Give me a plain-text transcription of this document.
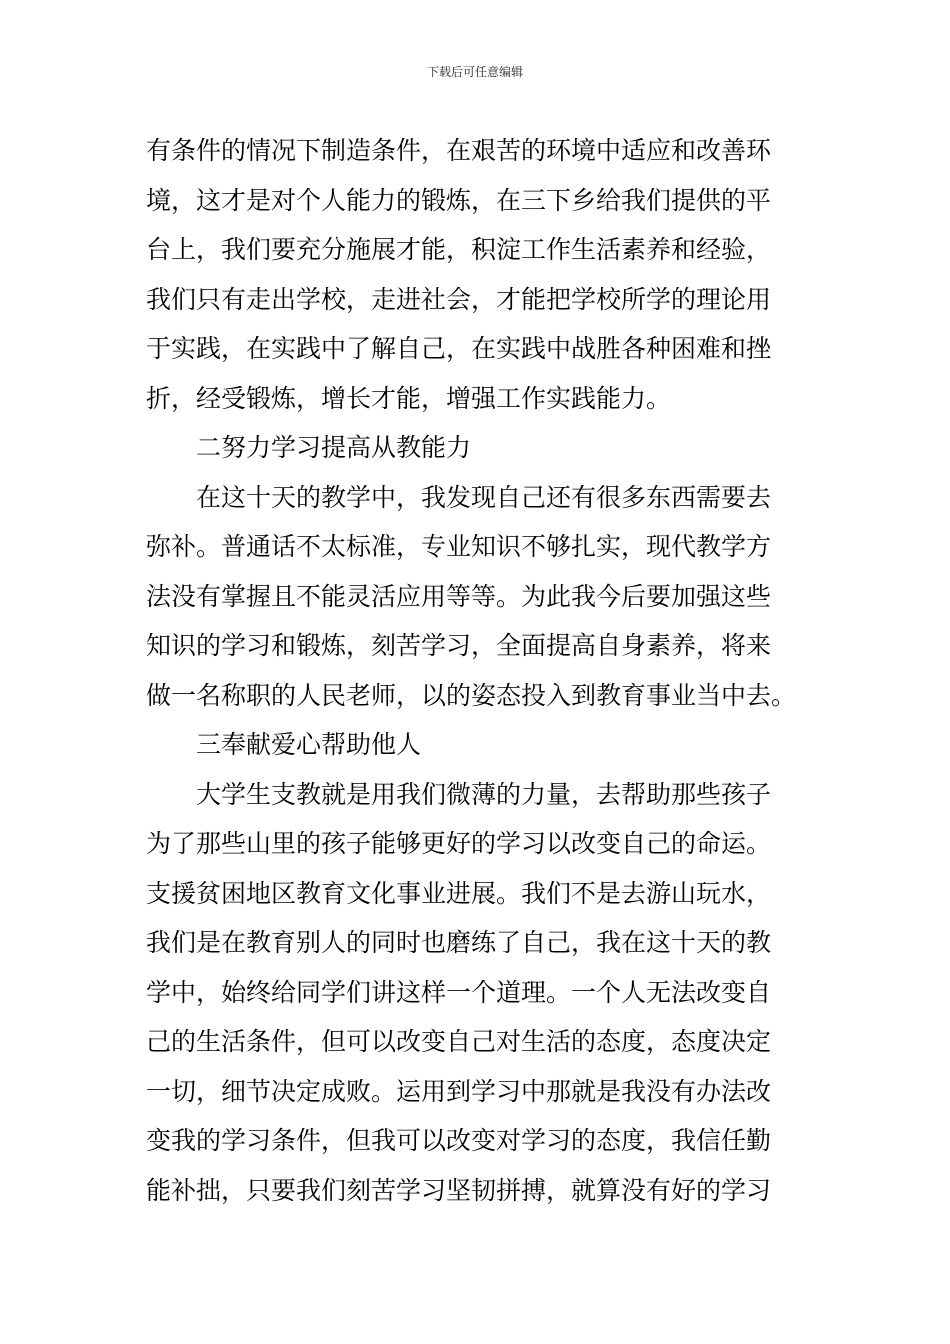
下载后可任意编辑
有条件的情况下制造条件，在艰苦的环境中适应和改善环
境，这才是对个人能力的锻炼，在三下乡给我们提供的平
台上，我们要充分施展才能，积淀工作生活素养和经验，
我们只有走出学校，走进社会，才能把学校所学的理论用
于实践，在实践中了解自己，在实践中战胜各种困难和挫
折，经受锻炼，增长才能，增强工作实践能力。
二努力学习提高从教能力
在这十天的教学中，我发现自己还有很多东西需要去
弥补。普通话不太标准，专业知识不够扎实，现代教学方
法没有掌握且不能灵活应用等等。为此我今后要加强这些
知识的学习和锻炼，刻苦学习，全面提高自身素养，将来
做一名称职的人民老师，以的姿态投入到教育事业当中去。
三奉献爱心帮助他人
大学生支教就是用我们微薄的力量，去帮助那些孩子
为了那些山里的孩子能够更好的学习以改变自己的命运。
支援贫困地区教育文化事业进展。我们不是去游山玩水，
我们是在教育别人的同时也磨练了自己，我在这十天的教
学中，始终给同学们讲这样一个道理。一个人无法改变自
己的生活条件，但可以改变自己对生活的态度，态度决定
一切，细节决定成败。运用到学习中那就是我没有办法改
变我的学习条件，但我可以改变对学习的态度，我信任勤
能补拙，只要我们刻苦学习坚韧拼搏，就算没有好的学习
